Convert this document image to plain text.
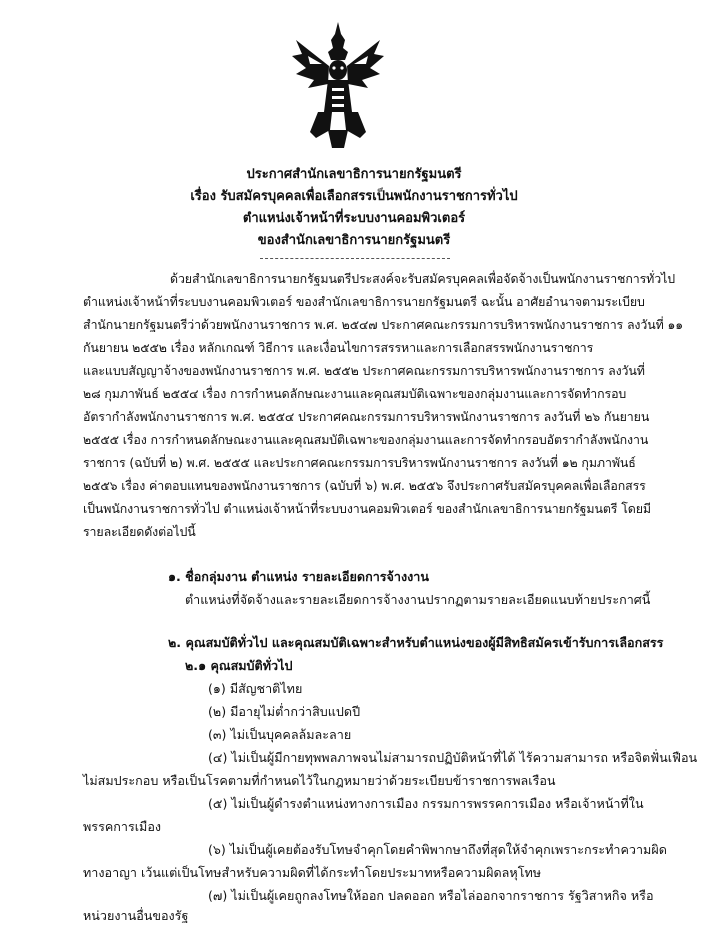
ประกาศสำนักเลขาธิการนายกรัฐมนตรี
เรื่อง รับสมัครบุคคลเพื่อเลือกสรรเป็นพนักงานราชการทั่วไป
ตำแหน่งเจ้าหน้าที่ระบบงานคอมพิวเตอร์
ของสำนักเลขาธิการนายกรัฐมนตรี
ด้วยสำนักเลขาธิการนายกรัฐมนตรีประสงค์จะรับสมัครบุคคลเพื่อจัดจ้างเป็นพนักงานราชการทั่วไป
ตำแหน่งเจ้าหน้าที่ระบบงานคอมพิวเตอร์ ของสำนักเลขาธิการนายกรัฐมนตรี ฉะนั้น อาศัยอำนาจตามระเบียบ
สำนักนายกรัฐมนตรีว่าด้วยพนักงานราชการ พ.ศ. ๒๕๔๗ ประกาศคณะกรรมการบริหารพนักงานราชการ ลงวันที่ ๑๑
กันยายน ๒๕๕๒ เรื่อง หลักเกณฑ์ วิธีการ และเงื่อนไขการสรรหาและการเลือกสรรพนักงานราชการ
และแบบสัญญาจ้างของพนักงานราชการ พ.ศ. ๒๕๕๒ ประกาศคณะกรรมการบริหารพนักงานราชการ ลงวันที่
๒๘ กุมภาพันธ์ ๒๕๕๔ เรื่อง การกำหนดลักษณะงานและคุณสมบัติเฉพาะของกลุ่มงานและการจัดทำกรอบ
อัตรากำลังพนักงานราชการ พ.ศ. ๒๕๕๔ ประกาศคณะกรรมการบริหารพนักงานราชการ ลงวันที่ ๒๖ กันยายน
๒๕๕๕ เรื่อง การกำหนดลักษณะงานและคุณสมบัติเฉพาะของกลุ่มงานและการจัดทำกรอบอัตรากำลังพนักงาน
ราชการ (ฉบับที่ ๒) พ.ศ. ๒๕๕๕ และประกาศคณะกรรมการบริหารพนักงานราชการ ลงวันที่ ๑๒ กุมภาพันธ์
๒๕๕๖ เรื่อง ค่าตอบแทนของพนักงานราชการ (ฉบับที่ ๖) พ.ศ. ๒๕๕๖ จึงประกาศรับสมัครบุคคลเพื่อเลือกสรร
เป็นพนักงานราชการทั่วไป ตำแหน่งเจ้าหน้าที่ระบบงานคอมพิวเตอร์ ของสำนักเลขาธิการนายกรัฐมนตรี โดยมี
รายละเอียดดังต่อไปนี้
๑. ชื่อกลุ่มงาน ตำแหน่ง รายละเอียดการจ้างงาน
ตำแหน่งที่จัดจ้างและรายละเอียดการจ้างงานปรากฏตามรายละเอียดแนบท้ายประกาศนี้
๒. คุณสมบัติทั่วไป และคุณสมบัติเฉพาะสำหรับตำแหน่งของผู้มีสิทธิสมัครเข้ารับการเลือกสรร
๒.๑ คุณสมบัติทั่วไป
(๑) มีสัญชาติไทย
(๒) มีอายุไม่ต่ำกว่าสิบแปดปี
(๓) ไม่เป็นบุคคลล้มละลาย
(๔) ไม่เป็นผู้มีกายทุพพลภาพจนไม่สามารถปฏิบัติหน้าที่ได้ ไร้ความสามารถ หรือจิตฟั่นเฟือน
ไม่สมประกอบ หรือเป็นโรคตามที่กำหนดไว้ในกฎหมายว่าด้วยระเบียบข้าราชการพลเรือน
(๕) ไม่เป็นผู้ดำรงตำแหน่งทางการเมือง กรรมการพรรคการเมือง หรือเจ้าหน้าที่ใน
พรรคการเมือง
(๖) ไม่เป็นผู้เคยต้องรับโทษจำคุกโดยคำพิพากษาถึงที่สุดให้จำคุกเพราะกระทำความผิด
ทางอาญา เว้นแต่เป็นโทษสำหรับความผิดที่ได้กระทำโดยประมาทหรือความผิดลหุโทษ
(๗) ไม่เป็นผู้เคยถูกลงโทษให้ออก ปลดออก หรือไล่ออกจากราชการ รัฐวิสาหกิจ หรือ
หน่วยงานอื่นของรัฐ
